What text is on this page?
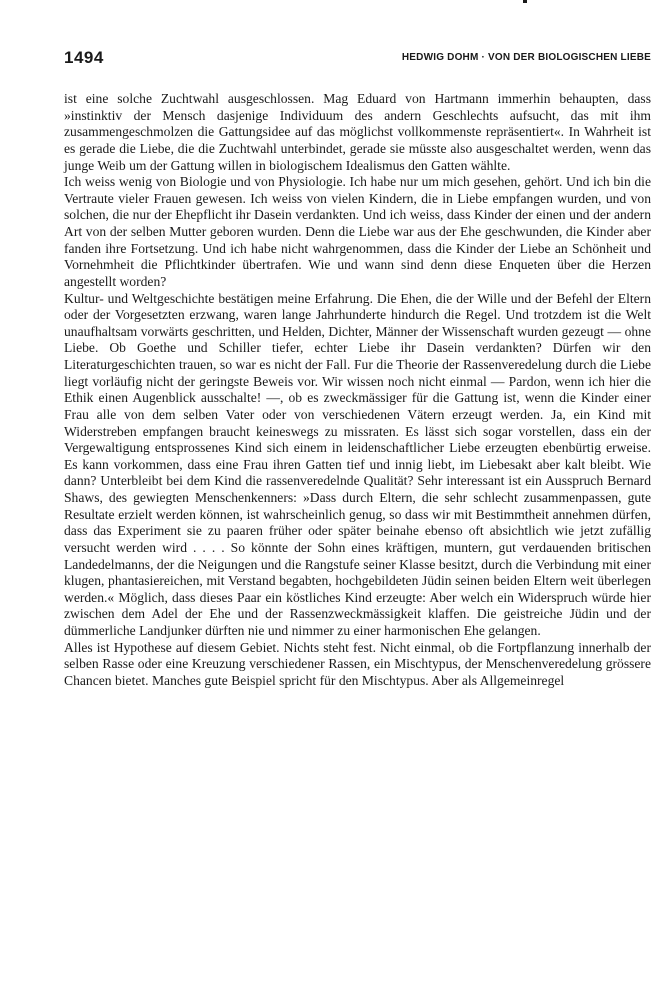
1494	HEDWIG DOHM · VON DER BIOLOGISCHEN LIEBE

ist eine solche Zuchtwahl ausgeschlossen. Mag Eduard von Hartmann immerhin behaupten, dass »instinktiv der Mensch dasjenige Individuum des andern Geschlechts aufsucht, das mit ihm zusammengeschmolzen die Gattungsidee auf das möglichst vollkommenste repräsentiert«. In Wahrheit ist es gerade die Liebe, die die Zuchtwahl unterbindet, gerade sie müsste also ausgeschaltet werden, wenn das junge Weib um der Gattung willen in biologischem Idealismus den Gatten wählte.

Ich weiss wenig von Biologie und von Physiologie. Ich habe nur um mich gesehen, gehört. Und ich bin die Vertraute vieler Frauen gewesen. Ich weiss von vielen Kindern, die in Liebe empfangen wurden, und von solchen, die nur der Ehepflicht ihr Dasein verdankten. Und ich weiss, dass Kinder der einen und der andern Art von der selben Mutter geboren wurden. Denn die Liebe war aus der Ehe geschwunden, die Kinder aber fanden ihre Fortsetzung. Und ich habe nicht wahrgenommen, dass die Kinder der Liebe an Schönheit und Vornehmheit die Pflichtkinder übertrafen. Wie und wann sind denn diese Enqueten über die Herzen angestellt worden?

Kultur- und Weltgeschichte bestätigen meine Erfahrung. Die Ehen, die der Wille und der Befehl der Eltern oder der Vorgesetzten erzwang, waren lange Jahrhunderte hindurch die Regel. Und trotzdem ist die Welt unaufhaltsam vorwärts geschritten, und Helden, Dichter, Männer der Wissenschaft wurden gezeugt — ohne Liebe. Ob Goethe und Schiller tiefer, echter Liebe ihr Dasein verdankten? Dürfen wir den Literaturgeschichten trauen, so war es nicht der Fall. Fur die Theorie der Rassenveredelung durch die Liebe liegt vorläufig nicht der geringste Beweis vor. Wir wissen noch nicht einmal — Pardon, wenn ich hier die Ethik einen Augenblick ausschalte! —, ob es zweckmässiger für die Gattung ist, wenn die Kinder einer Frau alle von dem selben Vater oder von verschiedenen Vätern erzeugt werden. Ja, ein Kind mit Widerstreben empfangen braucht keineswegs zu missraten. Es lässt sich sogar vorstellen, dass ein der Vergewaltigung entsprossenes Kind sich einem in leidenschaftlicher Liebe erzeugten ebenbürtig erweise. Es kann vorkommen, dass eine Frau ihren Gatten tief und innig liebt, im Liebesakt aber kalt bleibt. Wie dann? Unterbleibt bei dem Kind die rassenveredelnde Qualität? Sehr interessant ist ein Ausspruch Bernard Shaws, des gewiegten Menschenkenners: »Dass durch Eltern, die sehr schlecht zusammenpassen, gute Resultate erzielt werden können, ist wahrscheinlich genug, so dass wir mit Bestimmtheit annehmen dürfen, dass das Experiment sie zu paaren früher oder später beinahe ebenso oft absichtlich wie jetzt zufällig versucht werden wird . . . . So könnte der Sohn eines kräftigen, muntern, gut verdauenden britischen Landedelmanns, der die Neigungen und die Rangstufe seiner Klasse besitzt, durch die Verbindung mit einer klugen, phantasiereichen, mit Verstand begabten, hochgebildeten Jüdin seinen beiden Eltern weit überlegen werden.« Möglich, dass dieses Paar ein köstliches Kind erzeugte: Aber welch ein Widerspruch würde hier zwischen dem Adel der Ehe und der Rassenzweckmässigkeit klaffen. Die geistreiche Jüdin und der dümmerliche Landjunker dürften nie und nimmer zu einer harmonischen Ehe gelangen.

Alles ist Hypothese auf diesem Gebiet. Nichts steht fest. Nicht einmal, ob die Fortpflanzung innerhalb der selben Rasse oder eine Kreuzung verschiedener Rassen, ein Mischtypus, der Menschenveredelung grössere Chancen bietet. Manches gute Beispiel spricht für den Mischtypus. Aber als Allgemeinregel
